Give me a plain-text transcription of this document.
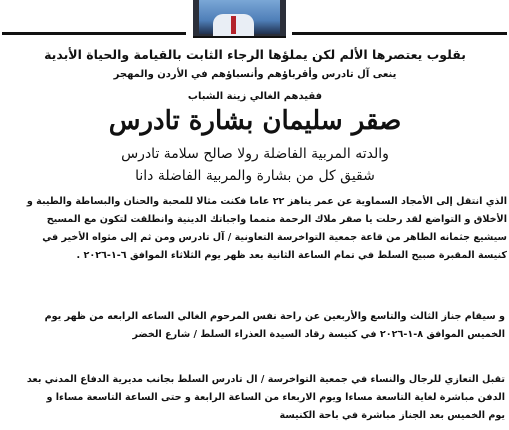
بقلوب يعتصرها الألم لكن يملؤها الرجاء الثابت بالقيامة والحياة الأبدية
ينعى آل تادرس وأقرباؤهم وأنسباؤهم في الأردن والمهجر
فقيدهم الغالي زينة الشباب
صقر سليمان بشارة تادرس
والدته المربية الفاضلة رولا صالح سلامة تادرس
شقيق كل من بشارة والمربية الفاضلة دانا
الذي انتقل إلى الأمجاد السماوية عن عمر يناهز ٢٢ عاما فكنت مثالا للمحبة والحنان والبساطة والطيبة و
الأخلاق و التواضع لقد رحلت يا صقر ملاك الرحمة متمما واجباتك الدينية وانطلقت لتكون مع المسيح
سيشيع جثمانه الطاهر من قاعة جمعية التواخرسة التعاونية / آل تادرس ومن ثم إلى مثواه الأخير في
كنيسة المقبرة صبيح السلط في تمام الساعة الثانية بعد ظهر يوم الثلاثاء الموافق ٦-١-٢٠٢٦ .
و سيقام جناز الثالث والتاسع والأربعين عن راحة نفس المرحوم الغالي الساعه الرابعه من ظهر يوم
الخميس الموافق ٨-١-٢٠٢٦ في كنيسة رقاد السيدة العذراء السلط / شارع الخضر
تقبل التعازي للرجال والنساء في جمعية التواخرسة / ال تادرس السلط بجانب مديرية الدفاع المدني بعد
الدفن مباشرة لغاية التاسعة مساءا ويوم الاربعاء من الساعة الرابعة و حتى الساعة التاسعة مساءا و
يوم الخميس بعد الجناز مباشرة في باحة الكنيسة
